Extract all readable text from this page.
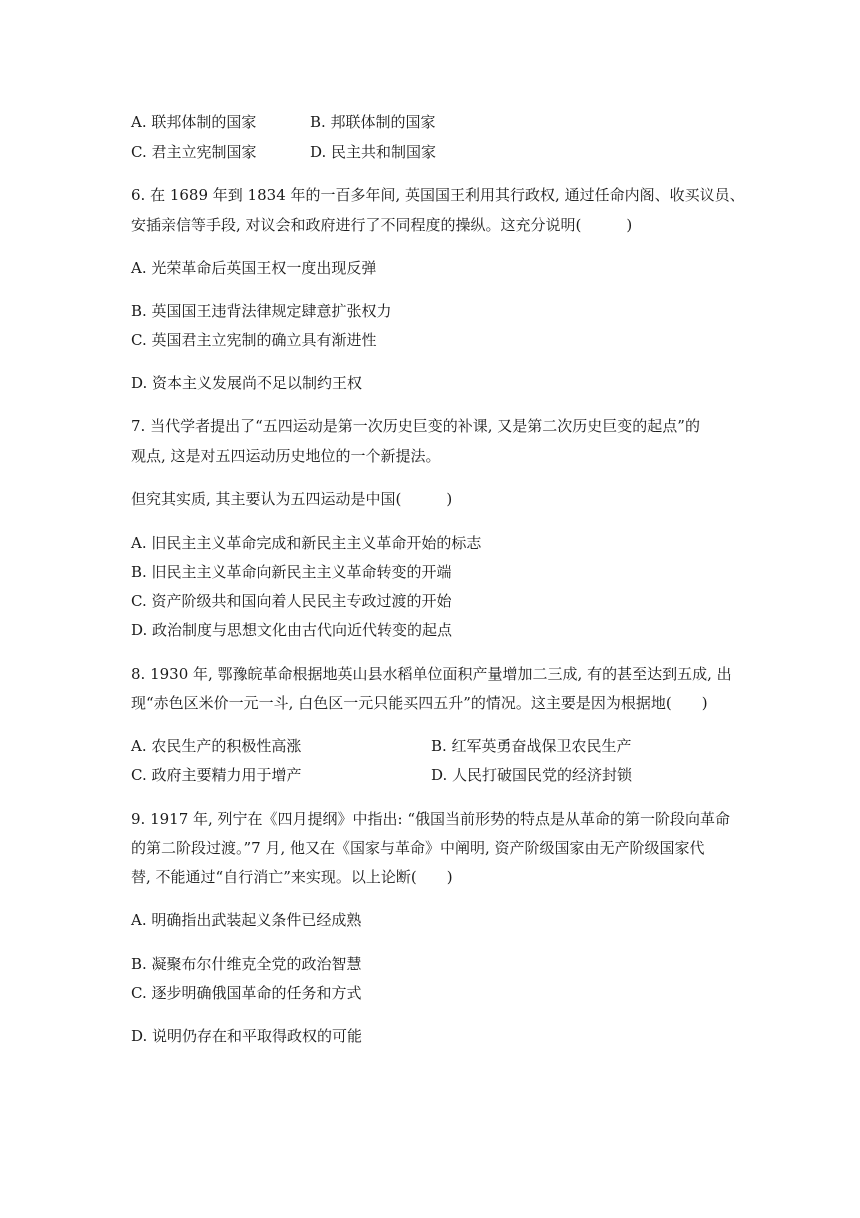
A. 联邦体制的国家	B. 邦联体制的国家
C. 君主立宪制国家	D. 民主共和制国家
6. 在 1689 年到 1834 年的一百多年间, 英国国王利用其行政权, 通过任命内阁、收买议员、
安插亲信等手段, 对议会和政府进行了不同程度的操纵。这充分说明(　　　)
A. 光荣革命后英国王权一度出现反弹
B. 英国国王违背法律规定肆意扩张权力
C. 英国君主立宪制的确立具有渐进性
D. 资本主义发展尚不足以制约王权
7. 当代学者提出了“五四运动是第一次历史巨变的补课, 又是第二次历史巨变的起点”的
观点, 这是对五四运动历史地位的一个新提法。
但究其实质, 其主要认为五四运动是中国(　　　)
A. 旧民主主义革命完成和新民主主义革命开始的标志
B. 旧民主主义革命向新民主主义革命转变的开端
C. 资产阶级共和国向着人民民主专政过渡的开始
D. 政治制度与思想文化由古代向近代转变的起点
8. 1930 年, 鄂豫皖革命根据地英山县水稻单位面积产量增加二三成, 有的甚至达到五成, 出
现“赤色区米价一元一斗, 白色区一元只能买四五升”的情况。这主要是因为根据地(　　)
A. 农民生产的积极性高涨	B. 红军英勇奋战保卫农民生产
C. 政府主要精力用于增产	D. 人民打破国民党的经济封锁
9. 1917 年, 列宁在《四月提纲》中指出: “俄国当前形势的特点是从革命的第一阶段向革命
的第二阶段过渡。”7 月, 他又在《国家与革命》中阐明, 资产阶级国家由无产阶级国家代
替, 不能通过“自行消亡”来实现。以上论断(　　)
A. 明确指出武装起义条件已经成熟
B. 凝聚布尔什维克全党的政治智慧
C. 逐步明确俄国革命的任务和方式
D. 说明仍存在和平取得政权的可能
